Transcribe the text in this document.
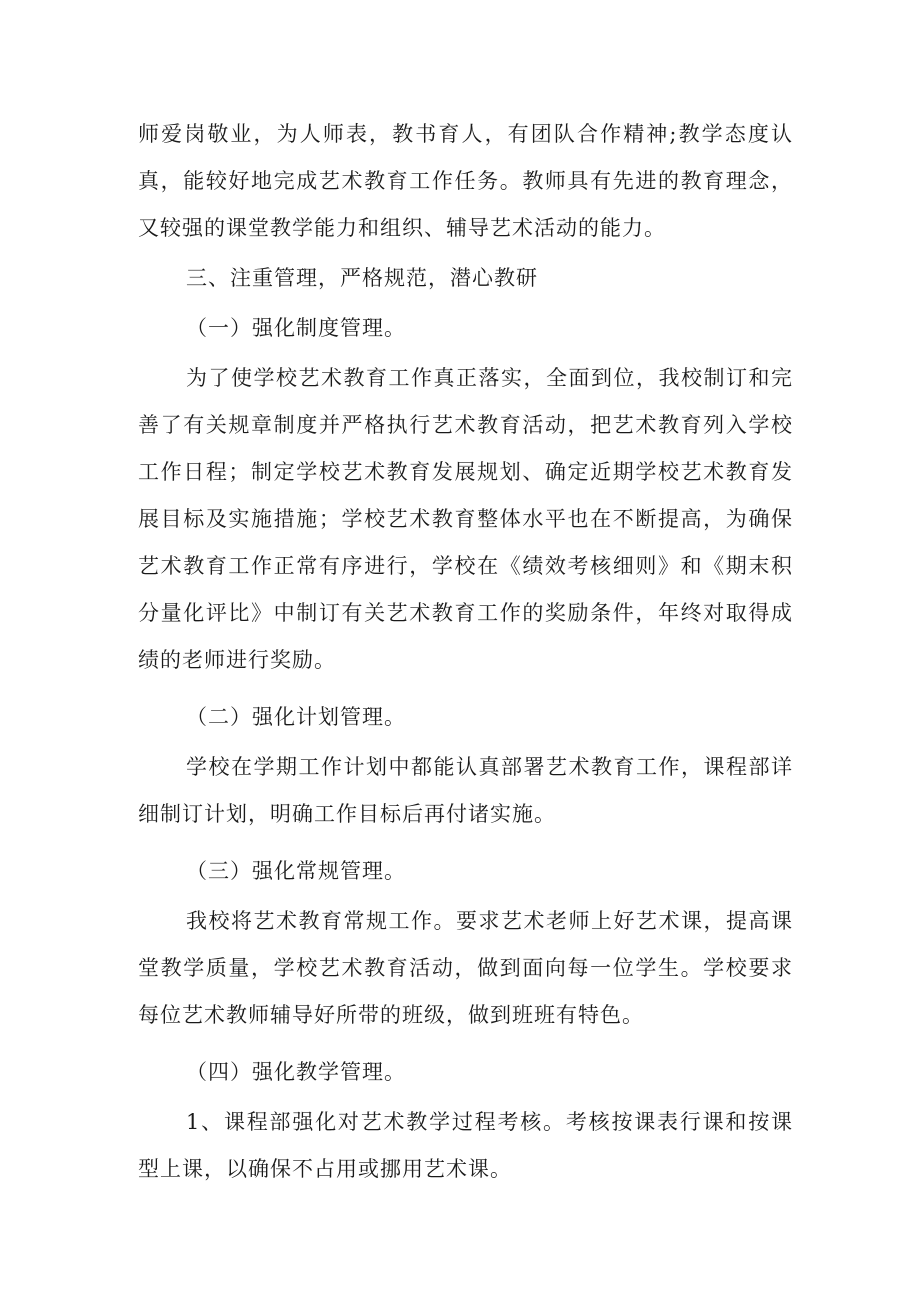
师爱岗敬业，为人师表，教书育人，有团队合作精神;教学态度认真，能较好地完成艺术教育工作任务。教师具有先进的教育理念，又较强的课堂教学能力和组织、辅导艺术活动的能力。

三、注重管理，严格规范，潜心教研

（一）强化制度管理。

为了使学校艺术教育工作真正落实，全面到位，我校制订和完善了有关规章制度并严格执行艺术教育活动，把艺术教育列入学校工作日程；制定学校艺术教育发展规划、确定近期学校艺术教育发展目标及实施措施；学校艺术教育整体水平也在不断提高，为确保艺术教育工作正常有序进行，学校在《绩效考核细则》和《期末积分量化评比》中制订有关艺术教育工作的奖励条件，年终对取得成绩的老师进行奖励。

（二）强化计划管理。

学校在学期工作计划中都能认真部署艺术教育工作，课程部详细制订计划，明确工作目标后再付诸实施。

（三）强化常规管理。

我校将艺术教育常规工作。要求艺术老师上好艺术课，提高课堂教学质量，学校艺术教育活动，做到面向每一位学生。学校要求每位艺术教师辅导好所带的班级，做到班班有特色。

（四）强化教学管理。

1、课程部强化对艺术教学过程考核。考核按课表行课和按课型上课，以确保不占用或挪用艺术课。
